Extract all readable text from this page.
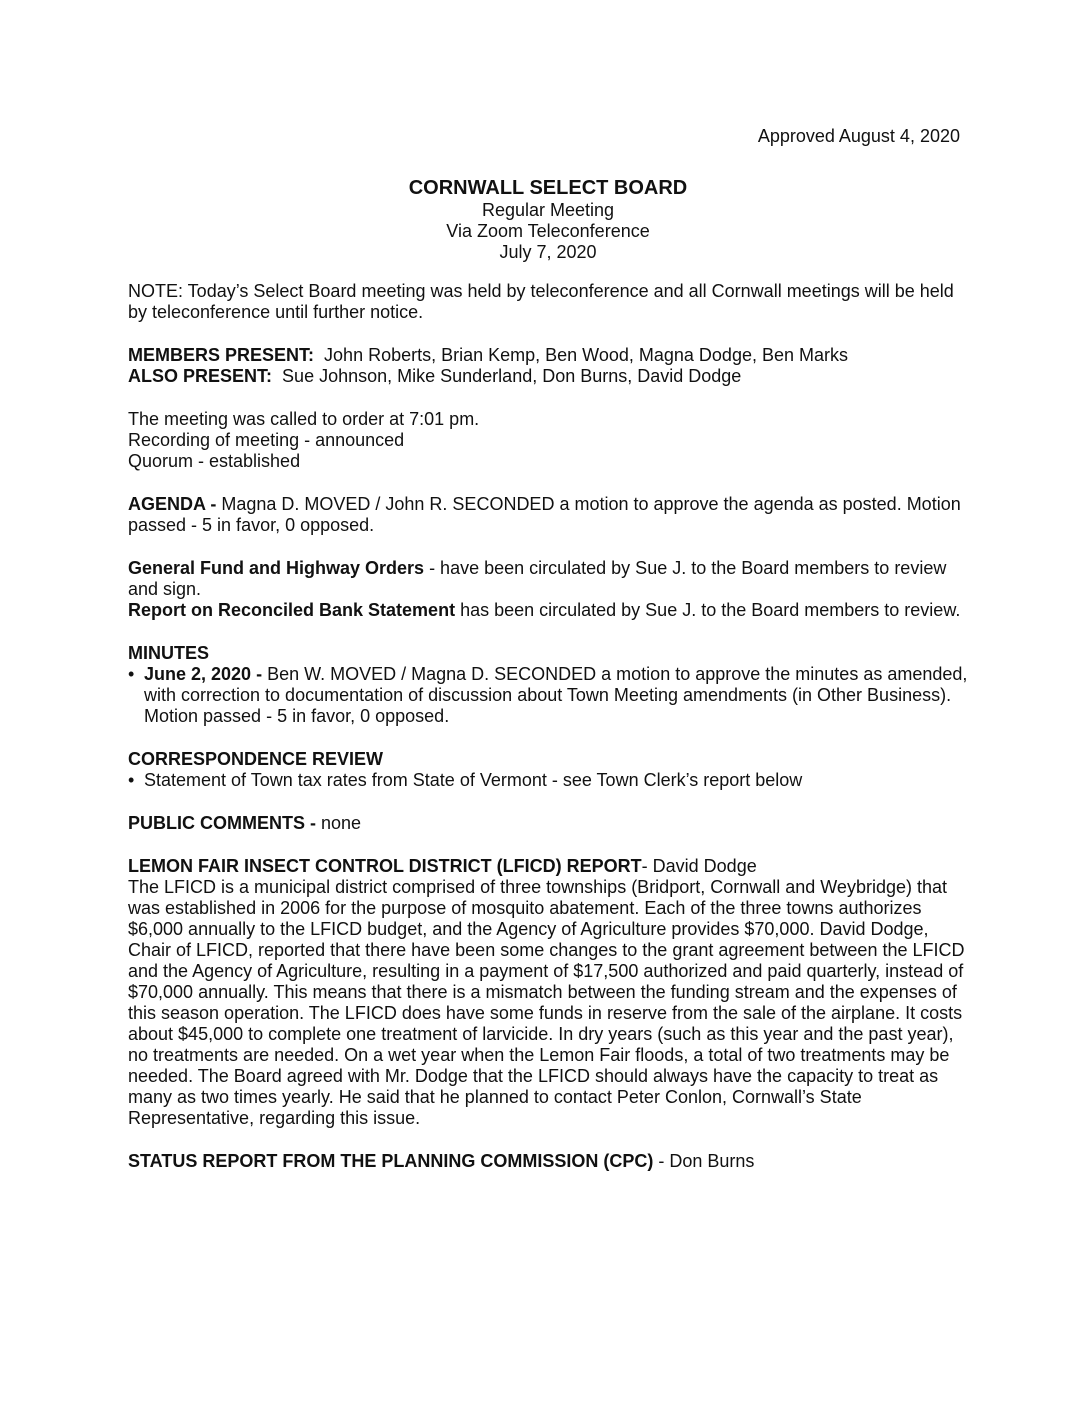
Approved August 4, 2020

CORNWALL SELECT BOARD
Regular Meeting
Via Zoom Teleconference
July 7, 2020

NOTE: Today’s Select Board meeting was held by teleconference and all Cornwall meetings will be held by teleconference until further notice.

MEMBERS PRESENT: John Roberts, Brian Kemp, Ben Wood, Magna Dodge, Ben Marks

ALSO PRESENT: Sue Johnson, Mike Sunderland, Don Burns, David Dodge

The meeting was called to order at 7:01 pm.

Recording of meeting - announced

Quorum - established

AGENDA - Magna D. MOVED / John R. SECONDED a motion to approve the agenda as posted. Motion passed - 5 in favor, 0 opposed.

General Fund and Highway Orders - have been circulated by Sue J. to the Board members to review and sign.

Report on Reconciled Bank Statement has been circulated by Sue J. to the Board members to review.

MINUTES

• June 2, 2020 - Ben W. MOVED / Magna D. SECONDED a motion to approve the minutes as amended, with correction to documentation of discussion about Town Meeting amendments (in Other Business). Motion passed - 5 in favor, 0 opposed.

CORRESPONDENCE REVIEW

• Statement of Town tax rates from State of Vermont - see Town Clerk’s report below

PUBLIC COMMENTS - none

LEMON FAIR INSECT CONTROL DISTRICT (LFICD) REPORT- David Dodge

The LFICD is a municipal district comprised of three townships (Bridport, Cornwall and Weybridge) that was established in 2006 for the purpose of mosquito abatement. Each of the three towns authorizes $6,000 annually to the LFICD budget, and the Agency of Agriculture provides $70,000. David Dodge, Chair of LFICD, reported that there have been some changes to the grant agreement between the LFICD and the Agency of Agriculture, resulting in a payment of $17,500 authorized and paid quarterly, instead of $70,000 annually. This means that there is a mismatch between the funding stream and the expenses of this season operation. The LFICD does have some funds in reserve from the sale of the airplane. It costs about $45,000 to complete one treatment of larvicide. In dry years (such as this year and the past year), no treatments are needed. On a wet year when the Lemon Fair floods, a total of two treatments may be needed. The Board agreed with Mr. Dodge that the LFICD should always have the capacity to treat as many as two times yearly. He said that he planned to contact Peter Conlon, Cornwall’s State Representative, regarding this issue.

STATUS REPORT FROM THE PLANNING COMMISSION (CPC) - Don Burns
